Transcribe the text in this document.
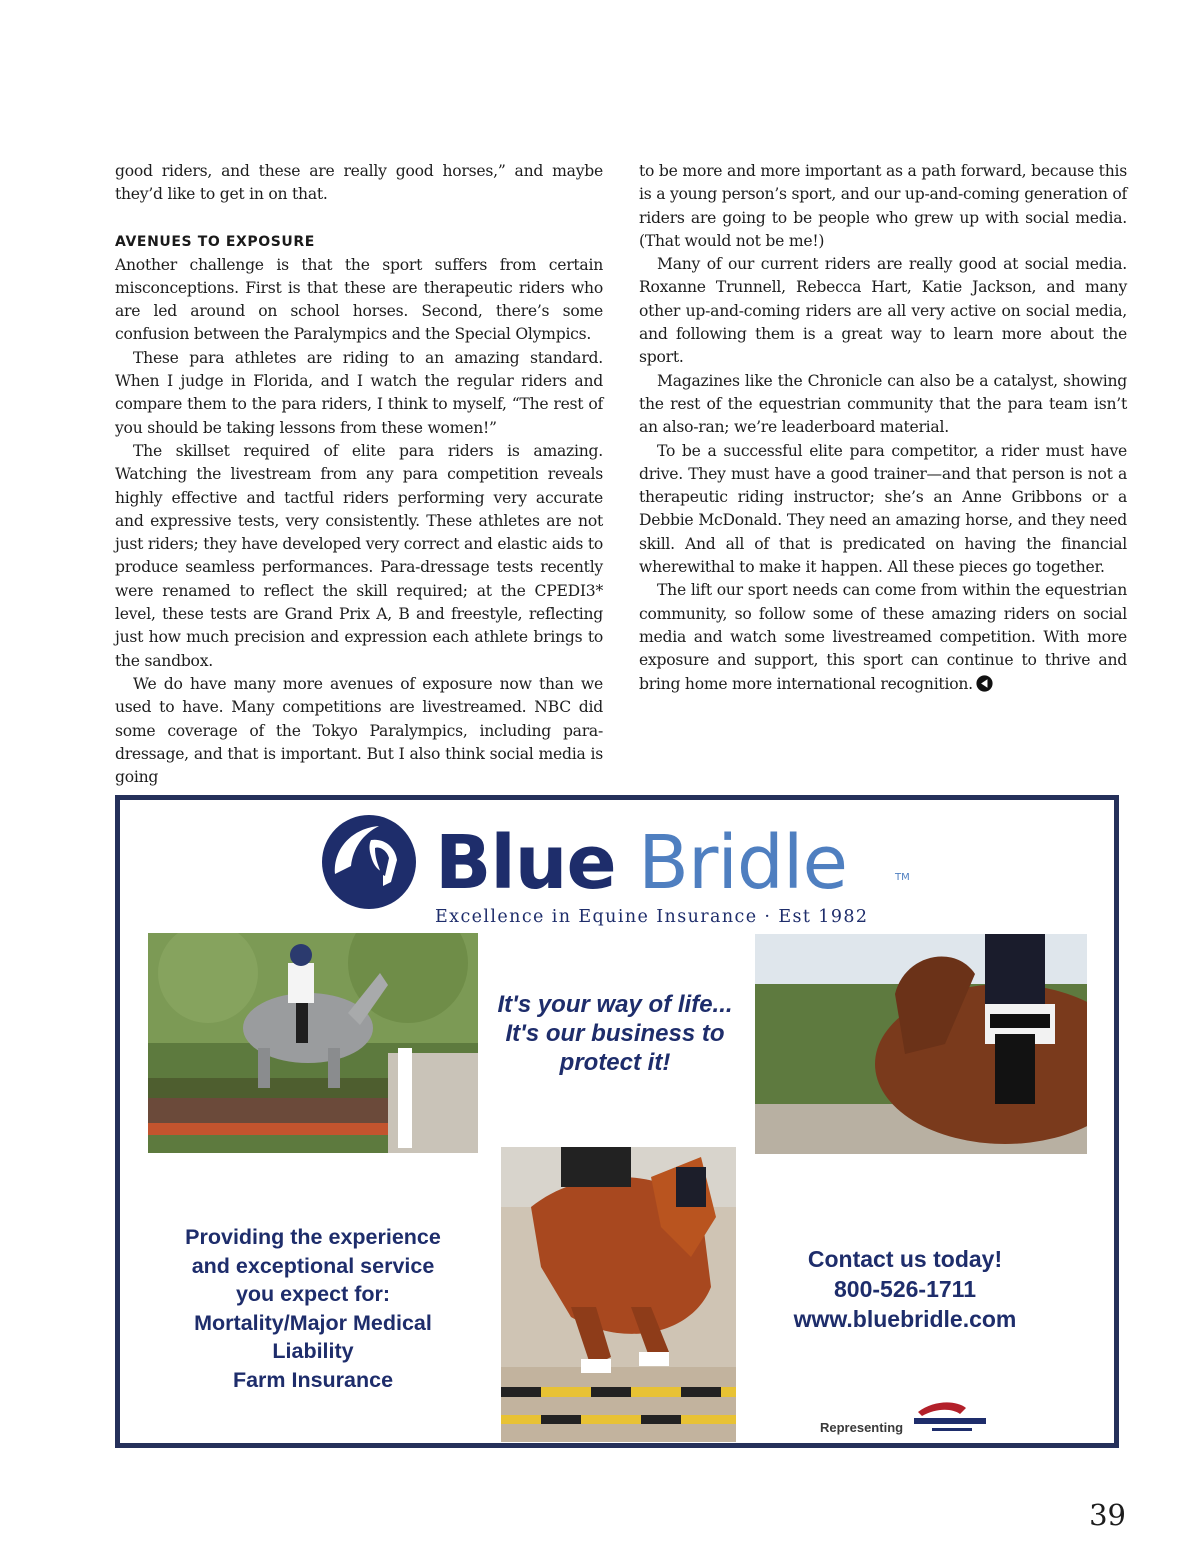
good riders, and these are really good horses,” and maybe they’d like to get in on that.

AVENUES TO EXPOSURE

Another challenge is that the sport suffers from certain misconceptions. First is that these are therapeutic riders who are led around on school horses. Second, there’s some confusion between the Paralympics and the Special Olympics.

These para athletes are riding to an amazing standard. When I judge in Florida, and I watch the regular riders and compare them to the para riders, I think to myself, “The rest of you should be taking lessons from these women!”

The skillset required of elite para riders is amazing. Watching the livestream from any para competition reveals highly effective and tactful riders performing very accurate and expressive tests, very consistently. These athletes are not just riders; they have developed very correct and elastic aids to produce seamless performances. Para-dressage tests recently were renamed to reflect the skill required; at the CPEDI3* level, these tests are Grand Prix A, B and freestyle, reflecting just how much precision and expression each athlete brings to the sandbox.

We do have many more avenues of exposure now than we used to have. Many competitions are livestreamed. NBC did some coverage of the Tokyo Paralympics, including para-dressage, and that is important. But I also think social media is going

to be more and more important as a path forward, because this is a young person’s sport, and our up-and-coming generation of riders are going to be people who grew up with social media. (That would not be me!)

Many of our current riders are really good at social media. Roxanne Trunnell, Rebecca Hart, Katie Jackson, and many other up-and-coming riders are all very active on social media, and following them is a great way to learn more about the sport.

Magazines like the Chronicle can also be a catalyst, showing the rest of the equestrian community that the para team isn’t an also-ran; we’re leaderboard material.

To be a successful elite para competitor, a rider must have drive. They must have a good trainer—and that person is not a therapeutic riding instructor; she’s an Anne Gribbons or a Debbie McDonald. They need an amazing horse, and they need skill. And all of that is predicated on having the financial wherewithal to make it happen. All these pieces go together.

The lift our sport needs can come from within the equestrian community, so follow some of these amazing riders on social media and watch some livestreamed competition. With more exposure and support, this sport can continue to thrive and bring home more international recognition.

Blue Bridle	TM
Excellence in Equine Insurance · Est 1982
It's your way of life...
It's our business to
protect it!
Providing the experience
and exceptional service
you expect for:
Mortality/Major Medical
Liability
Farm Insurance
Contact us today!
800-526-1711
www.bluebridle.com
Representing
39
